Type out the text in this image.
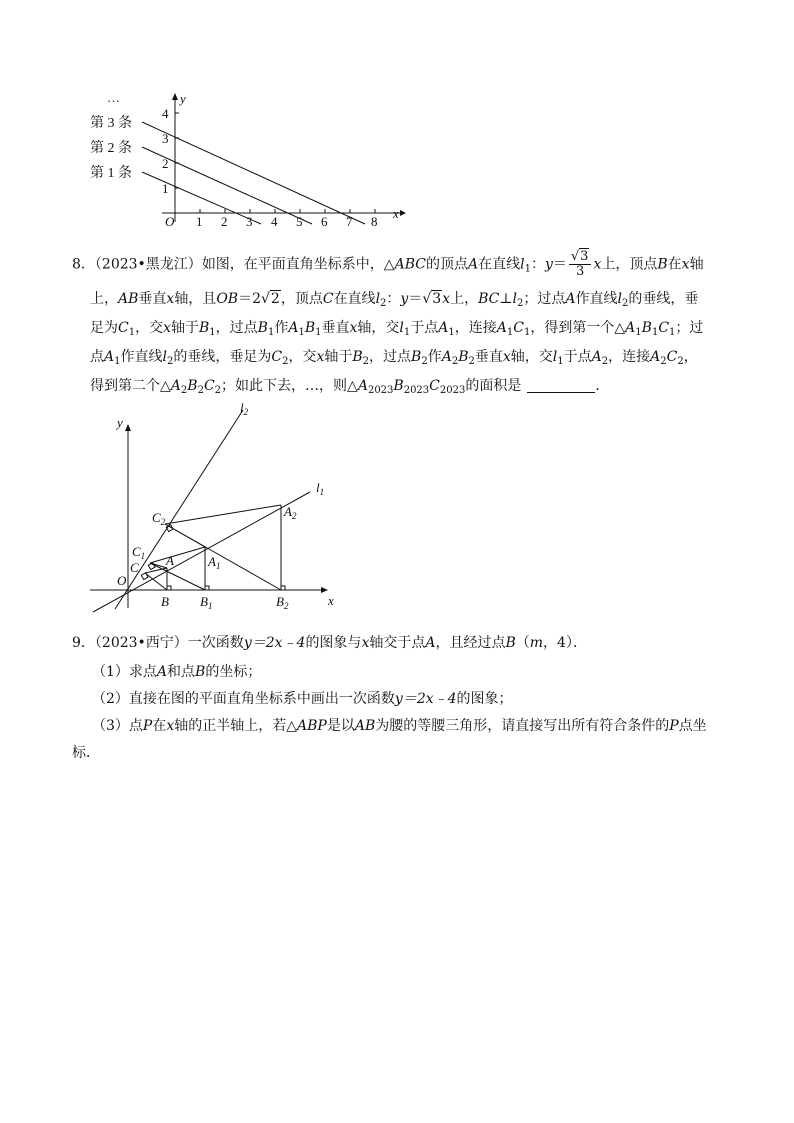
…
第 3 条
第 2 条
第 1 条
y
x
O 1 2 3 4 5 6 7 8
1
2
3
4
8．（2023•黑龙江）如图，在平面直角坐标系中，△ABC的顶点A在直线$l_1$：$y= \frac{√3}{3}$ x上，顶点B在x轴
上，AB垂直x轴，且OB＝2√2，顶点C在直线$l_2$：y＝√3x上，$BC\perp l_2$；过点A作直线$l_2$的垂线，垂
足为$C_1$，交x轴于$B_1$，过点$B_1$作$A_1B_1$垂直x轴，交$l_1$于点$A_1$，连接$A_1C_1$，得到第一个$\triangle A_1B_1C_1$；过
点$A_1$作直线$l_2$的垂线，垂足为$C_2$，交x轴于$B_2$，过点$B_2$作$A_2B_2$垂直x轴，交$l_1$于点$A_2$，连接$A_2C_2$，
得到第二个$\triangle A_2B_2C_2$；如此下去，…，则$\triangle A_{2023}B_{2023}C_{2023}$的面积是	．
y
x
O
$l_2$
$l_1$
$C_2$
$C_1$
C A	$A_1$
$A_2$
B $B_1$	$B_2$
9．（2023•西宁）一次函数y＝2x﹣4的图象与x轴交于点A，且经过点B（m，4）．
（1）求点A和点B的坐标；
（2）直接在图的平面直角坐标系中画出一次函数y＝2x﹣4的图象；
（3）点P在x轴的正半轴上，若△ABP是以AB为腰的等腰三角形，请直接写出所有符合条件的P点坐
标．
